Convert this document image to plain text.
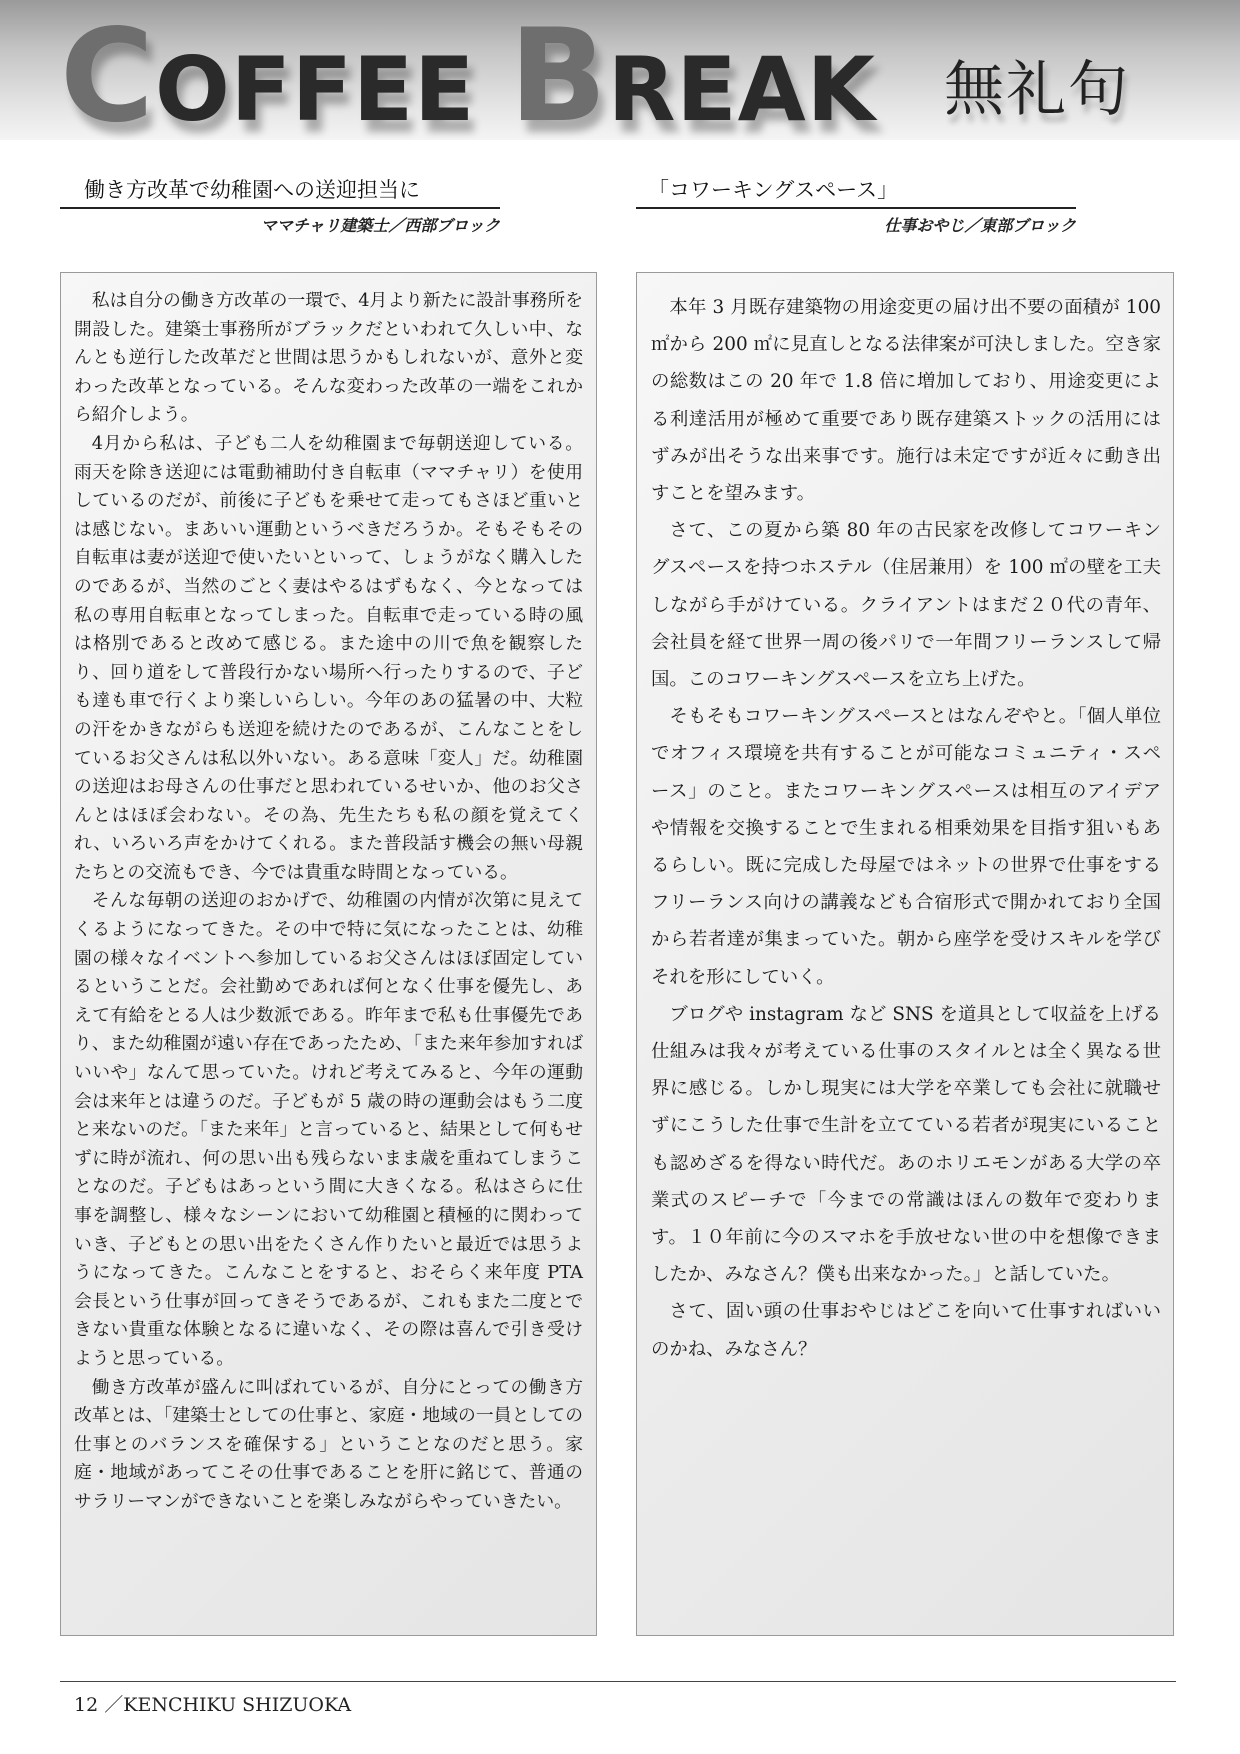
COFFEE BREAK 無礼句
働き方改革で幼稚園への送迎担当に
ママチャリ建築士／西部ブロック

私は自分の働き方改革の一環で、4月より新たに設計事務所を開設した。建築士事務所がブラックだといわれて久しい中、なんとも逆行した改革だと世間は思うかもしれないが、意外と変わった改革となっている。そんな変わった改革の一端をこれから紹介しよう。

4月から私は、子ども二人を幼稚園まで毎朝送迎している。雨天を除き送迎には電動補助付き自転車（ママチャリ）を使用しているのだが、前後に子どもを乗せて走ってもさほど重いとは感じない。まあいい運動というべきだろうか。そもそもその自転車は妻が送迎で使いたいといって、しょうがなく購入したのであるが、当然のごとく妻はやるはずもなく、今となっては私の専用自転車となってしまった。自転車で走っている時の風は格別であると改めて感じる。また途中の川で魚を観察したり、回り道をして普段行かない場所へ行ったりするので、子ども達も車で行くより楽しいらしい。今年のあの猛暑の中、大粒の汗をかきながらも送迎を続けたのであるが、こんなことをしているお父さんは私以外いない。ある意味「変人」だ。幼稚園の送迎はお母さんの仕事だと思われているせいか、他のお父さんとはほぼ会わない。その為、先生たちも私の顔を覚えてくれ、いろいろ声をかけてくれる。また普段話す機会の無い母親たちとの交流もでき、今では貴重な時間となっている。

そんな毎朝の送迎のおかげで、幼稚園の内情が次第に見えてくるようになってきた。その中で特に気になったことは、幼稚園の様々なイベントへ参加しているお父さんはほぼ固定しているということだ。会社勤めであれば何となく仕事を優先し、あえて有給をとる人は少数派である。昨年まで私も仕事優先であり、また幼稚園が遠い存在であったため、「また来年参加すればいいや」なんて思っていた。けれど考えてみると、今年の運動会は来年とは違うのだ。子どもが 5 歳の時の運動会はもう二度と来ないのだ。「また来年」と言っていると、結果として何もせずに時が流れ、何の思い出も残らないまま歳を重ねてしまうことなのだ。子どもはあっという間に大きくなる。私はさらに仕事を調整し、様々なシーンにおいて幼稚園と積極的に関わっていき、子どもとの思い出をたくさん作りたいと最近では思うようになってきた。こんなことをすると、おそらく来年度 PTA 会長という仕事が回ってきそうであるが、これもまた二度とできない貴重な体験となるに違いなく、その際は喜んで引き受けようと思っている。

働き方改革が盛んに叫ばれているが、自分にとっての働き方改革とは、「建築士としての仕事と、家庭・地域の一員としての仕事とのバランスを確保する」ということなのだと思う。家庭・地域があってこその仕事であることを肝に銘じて、普通のサラリーマンができないことを楽しみながらやっていきたい。

「コワーキングスペース」
仕事おやじ／東部ブロック

本年 3 月既存建築物の用途変更の届け出不要の面積が 100 ㎡から 200 ㎡に見直しとなる法律案が可決しました。空き家の総数はこの 20 年で 1.8 倍に増加しており、用途変更による利達活用が極めて重要であり既存建築ストックの活用にはずみが出そうな出来事です。施行は未定ですが近々に動き出すことを望みます。

さて、この夏から築 80 年の古民家を改修してコワーキングスペースを持つホステル（住居兼用）を 100 ㎡の壁を工夫しながら手がけている。クライアントはまだ２０代の青年、会社員を経て世界一周の後パリで一年間フリーランスして帰国。このコワーキングスペースを立ち上げた。

そもそもコワーキングスペースとはなんぞやと。「個人単位でオフィス環境を共有することが可能なコミュニティ・スペース」のこと。またコワーキングスペースは相互のアイデアや情報を交換することで生まれる相乗効果を目指す狙いもあるらしい。既に完成した母屋ではネットの世界で仕事をするフリーランス向けの講義なども合宿形式で開かれており全国から若者達が集まっていた。朝から座学を受けスキルを学びそれを形にしていく。

ブログや instagram など SNS を道具として収益を上げる仕組みは我々が考えている仕事のスタイルとは全く異なる世界に感じる。しかし現実には大学を卒業しても会社に就職せずにこうした仕事で生計を立てている若者が現実にいることも認めざるを得ない時代だ。あのホリエモンがある大学の卒業式のスピーチで「今までの常識はほんの数年で変わります。１０年前に今のスマホを手放せない世の中を想像できましたか、みなさん？僕も出来なかった。」と話していた。

さて、固い頭の仕事おやじはどこを向いて仕事すればいいのかね、みなさん？

12 ／KENCHIKU SHIZUOKA
